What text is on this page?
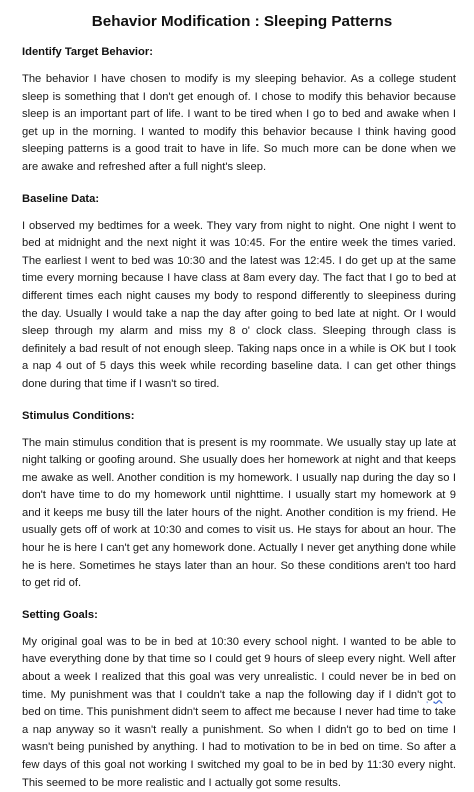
Behavior Modification : Sleeping Patterns
Identify Target Behavior:

The behavior I have chosen to modify is my sleeping behavior. As a college student sleep is something that I don't get enough of. I chose to modify this behavior because sleep is an important part of life. I want to be tired when I go to bed and awake when I get up in the morning. I wanted to modify this behavior because I think having good sleeping patterns is a good trait to have in life. So much more can be done when we are awake and refreshed after a full night's sleep.

Baseline Data:

I observed my bedtimes for a week. They vary from night to night. One night I went to bed at midnight and the next night it was 10:45. For the entire week the times varied. The earliest I went to bed was 10:30 and the latest was 12:45. I do get up at the same time every morning because I have class at 8am every day. The fact that I go to bed at different times each night causes my body to respond differently to sleepiness during the day. Usually I would take a nap the day after going to bed late at night. Or I would sleep through my alarm and miss my 8 o' clock class. Sleeping through class is definitely a bad result of not enough sleep. Taking naps once in a while is OK but I took a nap 4 out of 5 days this week while recording baseline data. I can get other things done during that time if I wasn't so tired.

Stimulus Conditions:

The main stimulus condition that is present is my roommate. We usually stay up late at night talking or goofing around. She usually does her homework at night and that keeps me awake as well. Another condition is my homework. I usually nap during the day so I don't have time to do my homework until nighttime. I usually start my homework at 9 and it keeps me busy till the later hours of the night. Another condition is my friend. He usually gets off of work at 10:30 and comes to visit us. He stays for about an hour. The hour he is here I can't get any homework done. Actually I never get anything done while he is here. Sometimes he stays later than an hour. So these conditions aren't too hard to get rid of.

Setting Goals:

My original goal was to be in bed at 10:30 every school night. I wanted to be able to have everything done by that time so I could get 9 hours of sleep every night. Well after about a week I realized that this goal was very unrealistic. I could never be in bed on time. My punishment was that I couldn't take a nap the following day if I didn't got to bed on time. This punishment didn't seem to affect me because I never had time to take a nap anyway so it wasn't really a punishment. So when I didn't go to bed on time I wasn't being punished by anything. I had to motivation to be in bed on time. So after a few days of this goal not working I switched my goal to be in bed by 11:30 every night. This seemed to be more realistic and I actually got some results.
